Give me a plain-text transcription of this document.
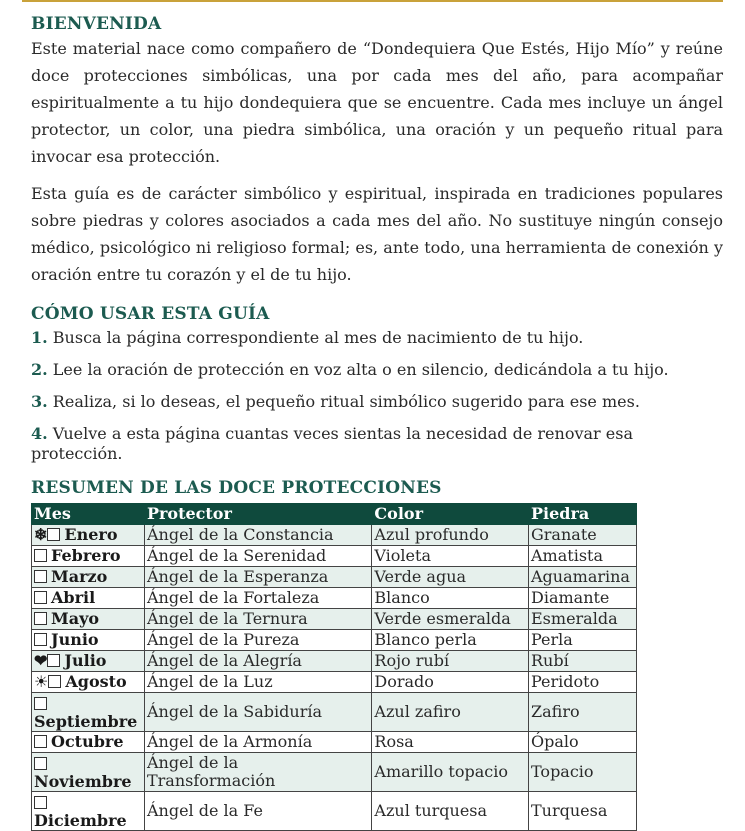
BIENVENIDA

Este material nace como compañero de “Dondequiera Que Estés, Hijo Mío” y reúne doce protecciones simbólicas, una por cada mes del año, para acompañar espiritualmente a tu hijo dondequiera que se encuentre. Cada mes incluye un ángel protector, un color, una piedra simbólica, una oración y un pequeño ritual para invocar esa protección.

Esta guía es de carácter simbólico y espiritual, inspirada en tradiciones populares sobre piedras y colores asociados a cada mes del año. No sustituye ningún consejo médico, psicológico ni religioso formal; es, ante todo, una herramienta de conexión y oración entre tu corazón y el de tu hijo.

CÓMO USAR ESTA GUÍA
1. Busca la página correspondiente al mes de nacimiento de tu hijo.
2. Lee la oración de protección en voz alta o en silencio, dedicándola a tu hijo.
3. Realiza, si lo deseas, el pequeño ritual simbólico sugerido para ese mes.
4. Vuelve a esta página cuantas veces sientas la necesidad de renovar esa protección.
RESUMEN DE LAS DOCE PROTECCIONES
Mes	Protector	Color	Piedra
❄ Enero	Ángel de la Constancia	Azul profundo	Granate
Febrero	Ángel de la Serenidad	Violeta	Amatista
Marzo	Ángel de la Esperanza	Verde agua	Aguamarina
Abril	Ángel de la Fortaleza	Blanco	Diamante
Mayo	Ángel de la Ternura	Verde esmeralda	Esmeralda
Junio	Ángel de la Pureza	Blanco perla	Perla
❤ Julio	Ángel de la Alegría	Rojo rubí	Rubí
☀ Agosto	Ángel de la Luz	Dorado	Peridoto

Septiembre	Ángel de la Sabiduría	Azul zafiro	Zafiro
Octubre	Ángel de la Armonía	Rosa	Ópalo

Noviembre	Ángel de la Transformación	Amarillo topacio	Topacio

Diciembre	Ángel de la Fe	Azul turquesa	Turquesa
